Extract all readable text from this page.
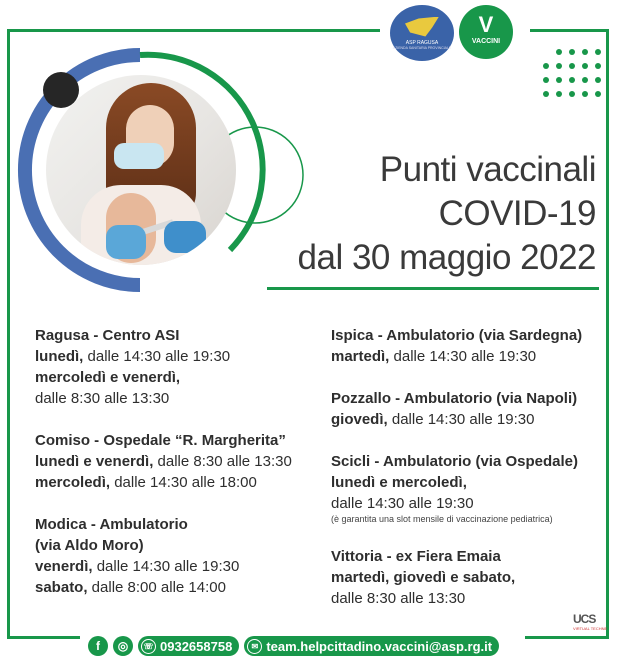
ASP RAGUSA
AZIENDA SANITARIA PROVINCIALE
V
VACCINI
Punti vaccinali
COVID-19
dal 30 maggio 2022
Ragusa - Centro ASI
lunedì, dalle 14:30 alle 19:30
mercoledì e venerdì,
dalle 8:30 alle 13:30
Comiso - Ospedale “R. Margherita”
lunedì e venerdì, dalle 8:30 alle 13:30
mercoledì, dalle 14:30 alle 18:00
Modica - Ambulatorio
(via Aldo Moro)
venerdì, dalle 14:30 alle 19:30
sabato, dalle 8:00 alle 14:00
Ispica - Ambulatorio (via Sardegna)
martedì, dalle 14:30 alle 19:30
Pozzallo - Ambulatorio (via Napoli)
giovedì, dalle 14:30 alle 19:30
Scicli - Ambulatorio (via Ospedale)
lunedì e mercoledì,
dalle 14:30 alle 19:30
(è garantita una slot mensile di vaccinazione pediatrica)
Vittoria - ex Fiera Emaia
martedì, giovedì e sabato,
dalle 8:30 alle 13:30
UCS
VIRTUAL TECHNE
f	◎	☏ 0932658758	✉ team.helpcittadino.vaccini@asp.rg.it
